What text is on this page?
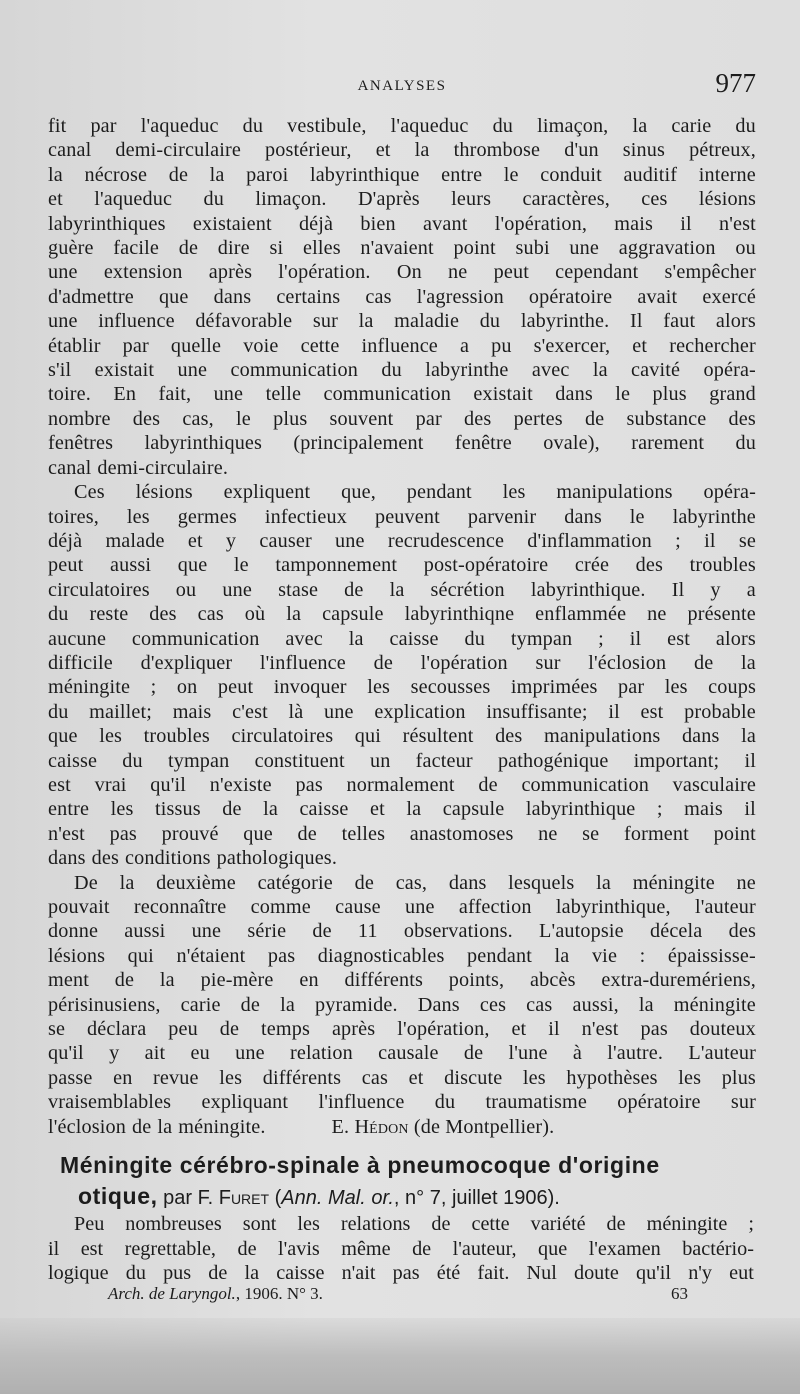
ANALYSES	977
fit par l'aqueduc du vestibule, l'aqueduc du limaçon, la carie du
canal demi-circulaire postérieur, et la thrombose d'un sinus pétreux,
la nécrose de la paroi labyrinthique entre le conduit auditif interne
et l'aqueduc du limaçon. D'après leurs caractères, ces lésions
labyrinthiques existaient déjà bien avant l'opération, mais il n'est
guère facile de dire si elles n'avaient point subi une aggravation ou
une extension après l'opération. On ne peut cependant s'empêcher
d'admettre que dans certains cas l'agression opératoire avait exercé
une influence défavorable sur la maladie du labyrinthe. Il faut alors
établir par quelle voie cette influence a pu s'exercer, et rechercher
s'il existait une communication du labyrinthe avec la cavité opéra-
toire. En fait, une telle communication existait dans le plus grand
nombre des cas, le plus souvent par des pertes de substance des
fenêtres labyrinthiques (principalement fenêtre ovale), rarement du
canal demi-circulaire.
Ces lésions expliquent que, pendant les manipulations opéra-
toires, les germes infectieux peuvent parvenir dans le labyrinthe
déjà malade et y causer une recrudescence d'inflammation ; il se
peut aussi que le tamponnement post-opératoire crée des troubles
circulatoires ou une stase de la sécrétion labyrinthique. Il y a
du reste des cas où la capsule labyrinthiqne enflammée ne présente
aucune communication avec la caisse du tympan ; il est alors
difficile d'expliquer l'influence de l'opération sur l'éclosion de la
méningite ; on peut invoquer les secousses imprimées par les coups
du maillet; mais c'est là une explication insuffisante; il est probable
que les troubles circulatoires qui résultent des manipulations dans la
caisse du tympan constituent un facteur pathogénique important; il
est vrai qu'il n'existe pas normalement de communication vasculaire
entre les tissus de la caisse et la capsule labyrinthique ; mais il
n'est pas prouvé que de telles anastomoses ne se forment point
dans des conditions pathologiques.
De la deuxième catégorie de cas, dans lesquels la méningite ne
pouvait reconnaître comme cause une affection labyrinthique, l'auteur
donne aussi une série de 11 observations. L'autopsie décela des
lésions qui n'étaient pas diagnosticables pendant la vie : épaississe-
ment de la pie-mère en différents points, abcès extra-duremériens,
périsinusiens, carie de la pyramide. Dans ces cas aussi, la méningite
se déclara peu de temps après l'opération, et il n'est pas douteux
qu'il y ait eu une relation causale de l'une à l'autre. L'auteur
passe en revue les différents cas et discute les hypothèses les plus
vraisemblables expliquant l'influence du traumatisme opératoire sur
l'éclosion de la méningite.	E. Hédon (de Montpellier).
Méningite cérébro-spinale à pneumocoque d'origine
otique, par F. Furet (Ann. Mal. or., n° 7, juillet 1906).
Peu nombreuses sont les relations de cette variété de méningite ;
il est regrettable, de l'avis même de l'auteur, que l'examen bactério-
logique du pus de la caisse n'ait pas été fait. Nul doute qu'il n'y eut
Arch. de Laryngol., 1906. N° 3.	63
